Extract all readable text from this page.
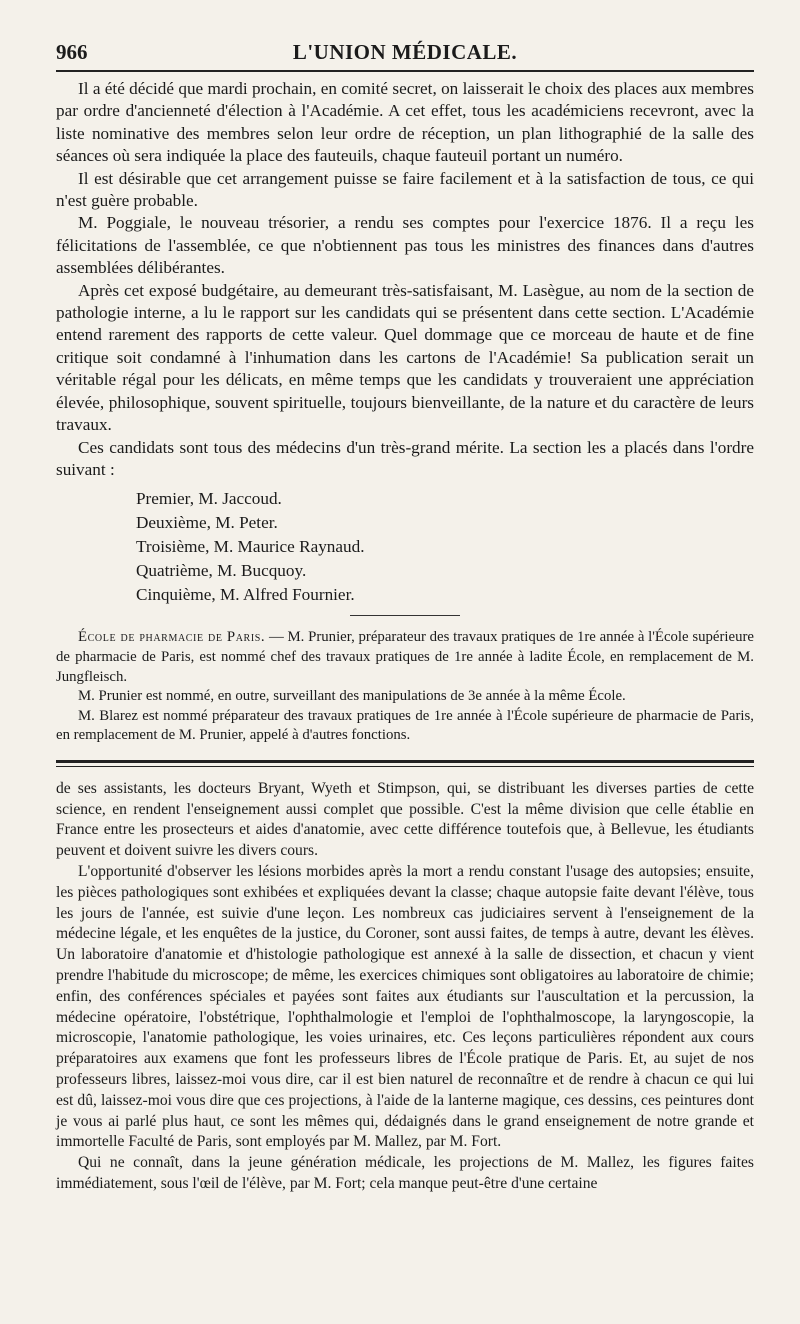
966	L'UNION MÉDICALE.

Il a été décidé que mardi prochain, en comité secret, on laisserait le choix des places aux membres par ordre d'ancienneté d'élection à l'Académie. A cet effet, tous les académiciens recevront, avec la liste nominative des membres selon leur ordre de réception, un plan lithographié de la salle des séances où sera indiquée la place des fauteuils, chaque fauteuil portant un numéro.

Il est désirable que cet arrangement puisse se faire facilement et à la satisfaction de tous, ce qui n'est guère probable.

M. Poggiale, le nouveau trésorier, a rendu ses comptes pour l'exercice 1876. Il a reçu les félicitations de l'assemblée, ce que n'obtiennent pas tous les ministres des finances dans d'autres assemblées délibérantes.

Après cet exposé budgétaire, au demeurant très-satisfaisant, M. Lasègue, au nom de la section de pathologie interne, a lu le rapport sur les candidats qui se présentent dans cette section. L'Académie entend rarement des rapports de cette valeur. Quel dommage que ce morceau de haute et de fine critique soit condamné à l'inhumation dans les cartons de l'Académie! Sa publication serait un véritable régal pour les délicats, en même temps que les candidats y trouveraient une appréciation élevée, philosophique, souvent spirituelle, toujours bienveillante, de la nature et du caractère de leurs travaux.

Ces candidats sont tous des médecins d'un très-grand mérite. La section les a placés dans l'ordre suivant :

Premier, M. Jaccoud.
Deuxième, M. Peter.
Troisième, M. Maurice Raynaud.
Quatrième, M. Bucquoy.
Cinquième, M. Alfred Fournier.

École de pharmacie de Paris. — M. Prunier, préparateur des travaux pratiques de 1re année à l'École supérieure de pharmacie de Paris, est nommé chef des travaux pratiques de 1re année à ladite École, en remplacement de M. Jungfleisch.

M. Prunier est nommé, en outre, surveillant des manipulations de 3e année à la même École.

M. Blarez est nommé préparateur des travaux pratiques de 1re année à l'École supérieure de pharmacie de Paris, en remplacement de M. Prunier, appelé à d'autres fonctions.

de ses assistants, les docteurs Bryant, Wyeth et Stimpson, qui, se distribuant les diverses parties de cette science, en rendent l'enseignement aussi complet que possible. C'est la même division que celle établie en France entre les prosecteurs et aides d'anatomie, avec cette différence toutefois que, à Bellevue, les étudiants peuvent et doivent suivre les divers cours.

L'opportunité d'observer les lésions morbides après la mort a rendu constant l'usage des autopsies; ensuite, les pièces pathologiques sont exhibées et expliquées devant la classe; chaque autopsie faite devant l'élève, tous les jours de l'année, est suivie d'une leçon. Les nombreux cas judiciaires servent à l'enseignement de la médecine légale, et les enquêtes de la justice, du Coroner, sont aussi faites, de temps à autre, devant les élèves. Un laboratoire d'anatomie et d'histologie pathologique est annexé à la salle de dissection, et chacun y vient prendre l'habitude du microscope; de même, les exercices chimiques sont obligatoires au laboratoire de chimie; enfin, des conférences spéciales et payées sont faites aux étudiants sur l'auscultation et la percussion, la médecine opératoire, l'obstétrique, l'ophthalmologie et l'emploi de l'ophthalmoscope, la laryngoscopie, la microscopie, l'anatomie pathologique, les voies urinaires, etc. Ces leçons particulières répondent aux cours préparatoires aux examens que font les professeurs libres de l'École pratique de Paris. Et, au sujet de nos professeurs libres, laissez-moi vous dire, car il est bien naturel de reconnaître et de rendre à chacun ce qui lui est dû, laissez-moi vous dire que ces projections, à l'aide de la lanterne magique, ces dessins, ces peintures dont je vous ai parlé plus haut, ce sont les mêmes qui, dédaignés dans le grand enseignement de notre grande et immortelle Faculté de Paris, sont employés par M. Mallez, par M. Fort.

Qui ne connaît, dans la jeune génération médicale, les projections de M. Mallez, les figures faites immédiatement, sous l'œil de l'élève, par M. Fort; cela manque peut-être d'une certaine
